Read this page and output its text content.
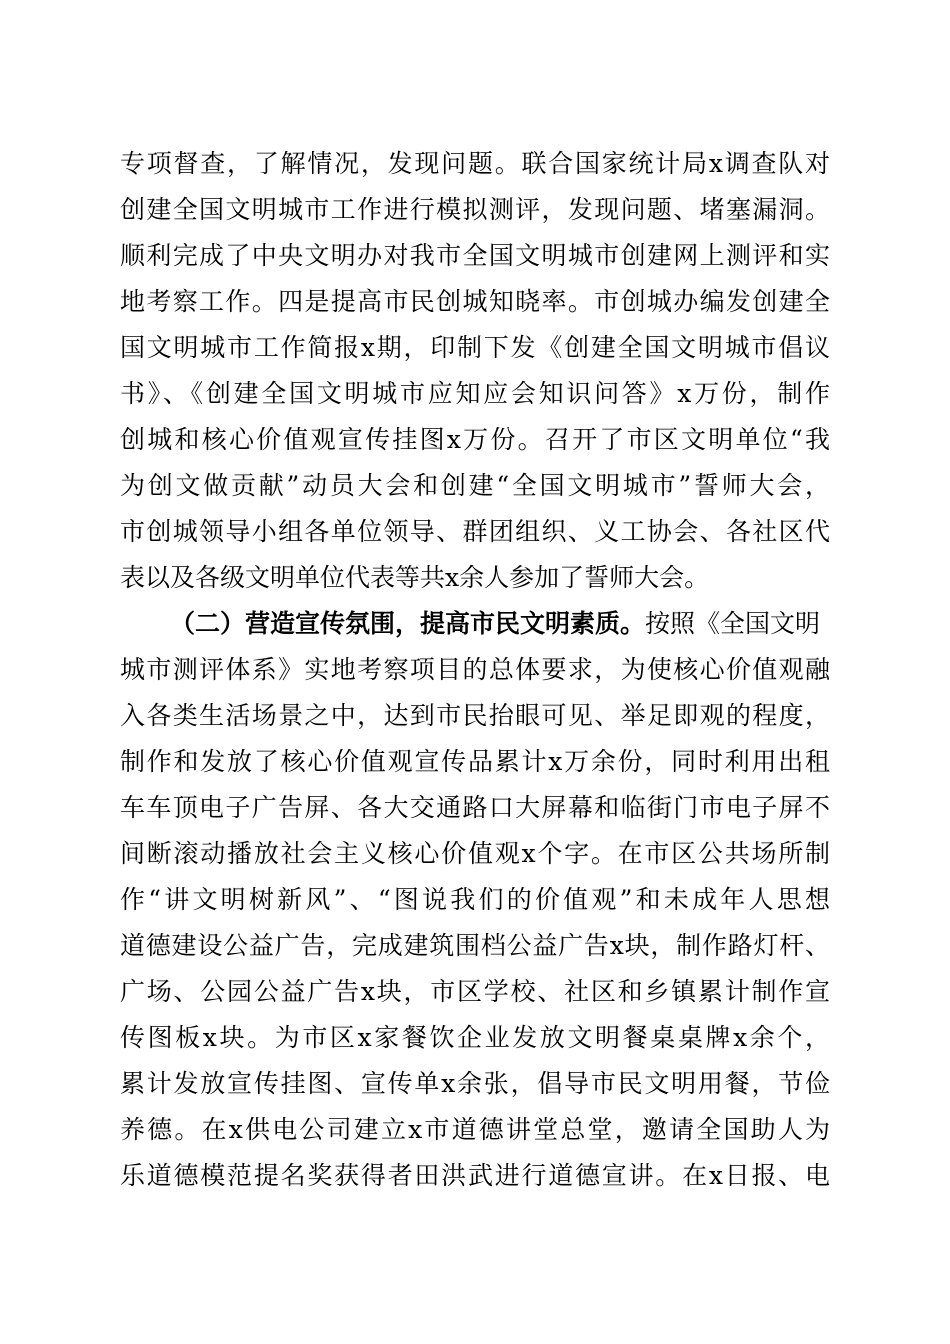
专项督查，了解情况，发现问题。联合国家统计局x调查队对
创建全国文明城市工作进行模拟测评，发现问题、堵塞漏洞。
顺利完成了中央文明办对我市全国文明城市创建网上测评和实
地考察工作。四是提高市民创城知晓率。市创城办编发创建全
国文明城市工作简报x期，印制下发《创建全国文明城市倡议
书》、《创建全国文明城市应知应会知识问答》x万份，制作
创城和核心价值观宣传挂图x万份。召开了市区文明单位“我
为创文做贡献”动员大会和创建“全国文明城市”誓师大会，
市创城领导小组各单位领导、群团组织、义工协会、各社区代
表以及各级文明单位代表等共x余人参加了誓师大会。
（二）营造宣传氛围，提高市民文明素质。按照《全国文明
城市测评体系》实地考察项目的总体要求，为使核心价值观融
入各类生活场景之中，达到市民抬眼可见、举足即观的程度，
制作和发放了核心价值观宣传品累计x万余份，同时利用出租
车车顶电子广告屏、各大交通路口大屏幕和临街门市电子屏不
间断滚动播放社会主义核心价值观x个字。在市区公共场所制
作“讲文明树新风”、“图说我们的价值观”和未成年人思想
道德建设公益广告，完成建筑围档公益广告x块，制作路灯杆、
广场、公园公益广告x块，市区学校、社区和乡镇累计制作宣
传图板x块。为市区x家餐饮企业发放文明餐桌桌牌x余个，
累计发放宣传挂图、宣传单x余张，倡导市民文明用餐，节俭
养德。在x供电公司建立x市道德讲堂总堂，邀请全国助人为
乐道德模范提名奖获得者田洪武进行道德宣讲。在x日报、电
